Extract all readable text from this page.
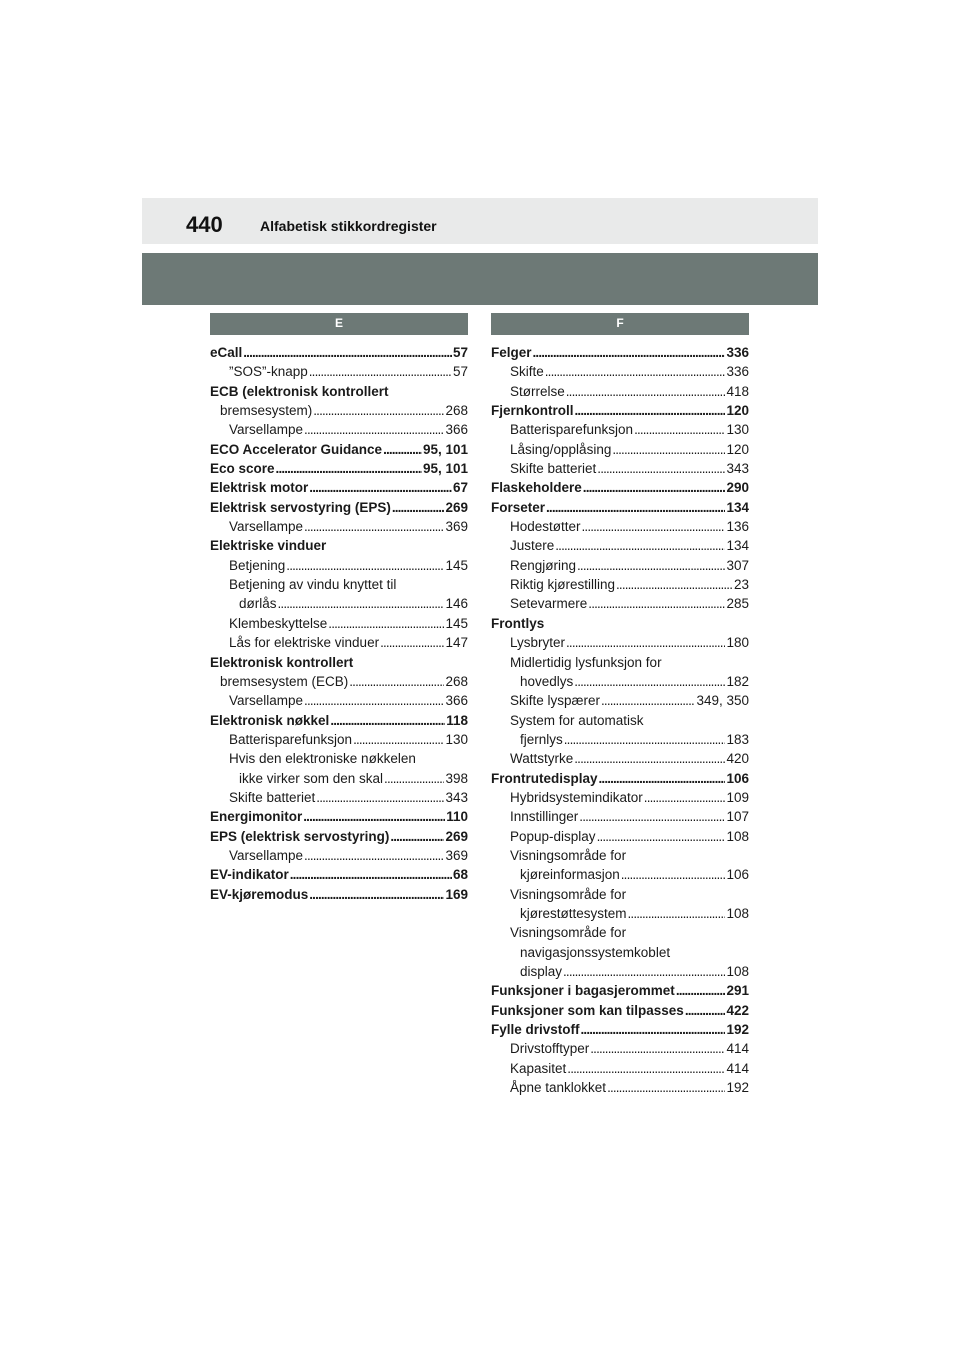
440	Alfabetisk stikkordregister
E
eCall . . .	57
”SOS”-knapp . . .	57
ECB (elektronisk kontrollert
bremsesystem) . . .	268
Varsellampe . . .	366
ECO Accelerator Guidance . . .	95, 101
Eco score . . .	95, 101
Elektrisk motor . . .	67
Elektrisk servostyring (EPS) . . .	269
Varsellampe . . .	369
Elektriske vinduer
Betjening . . .	145
Betjening av vindu knyttet til
dørlås . . .	146
Klembeskyttelse . . .	145
Lås for elektriske vinduer . . .	147
Elektronisk kontrollert
bremsesystem (ECB) . . .	268
Varsellampe . . .	366
Elektronisk nøkkel . . .	118
Batterisparefunksjon . . .	130
Hvis den elektroniske nøkkelen
ikke virker som den skal . . .	398
Skifte batteriet . . .	343
Energimonitor . . .	110
EPS (elektrisk servostyring) . . .	269
Varsellampe . . .	369
EV-indikator . . .	68
EV-kjøremodus . . .	169
F
Felger . . .	336
Skifte . . .	336
Størrelse . . .	418
Fjernkontroll . . .	120
Batterisparefunksjon . . .	130
Låsing/opplåsing . . .	120
Skifte batteriet . . .	343
Flaskeholdere . . .	290
Forseter . . .	134
Hodestøtter . . .	136
Justere . . .	134
Rengjøring . . .	307
Riktig kjørestilling . . .	23
Setevarmere . . .	285
Frontlys
Lysbryter . . .	180
Midlertidig lysfunksjon for
hovedlys . . .	182
Skifte lyspærer . . .	349, 350
System for automatisk
fjernlys . . .	183
Wattstyrke . . .	420
Frontrutedisplay . . .	106
Hybridsystemindikator . . .	109
Innstillinger . . .	107
Popup-display . . .	108
Visningsområde for
kjøreinformasjon . . .	106
Visningsområde for
kjørestøttesystem . . .	108
Visningsområde for
navigasjonssystemkoblet
display . . .	108
Funksjoner i bagasjerommet . . .	291
Funksjoner som kan tilpasses . . .	422
Fylle drivstoff . . .	192
Drivstofftyper . . .	414
Kapasitet . . .	414
Åpne tanklokket . . .	192
